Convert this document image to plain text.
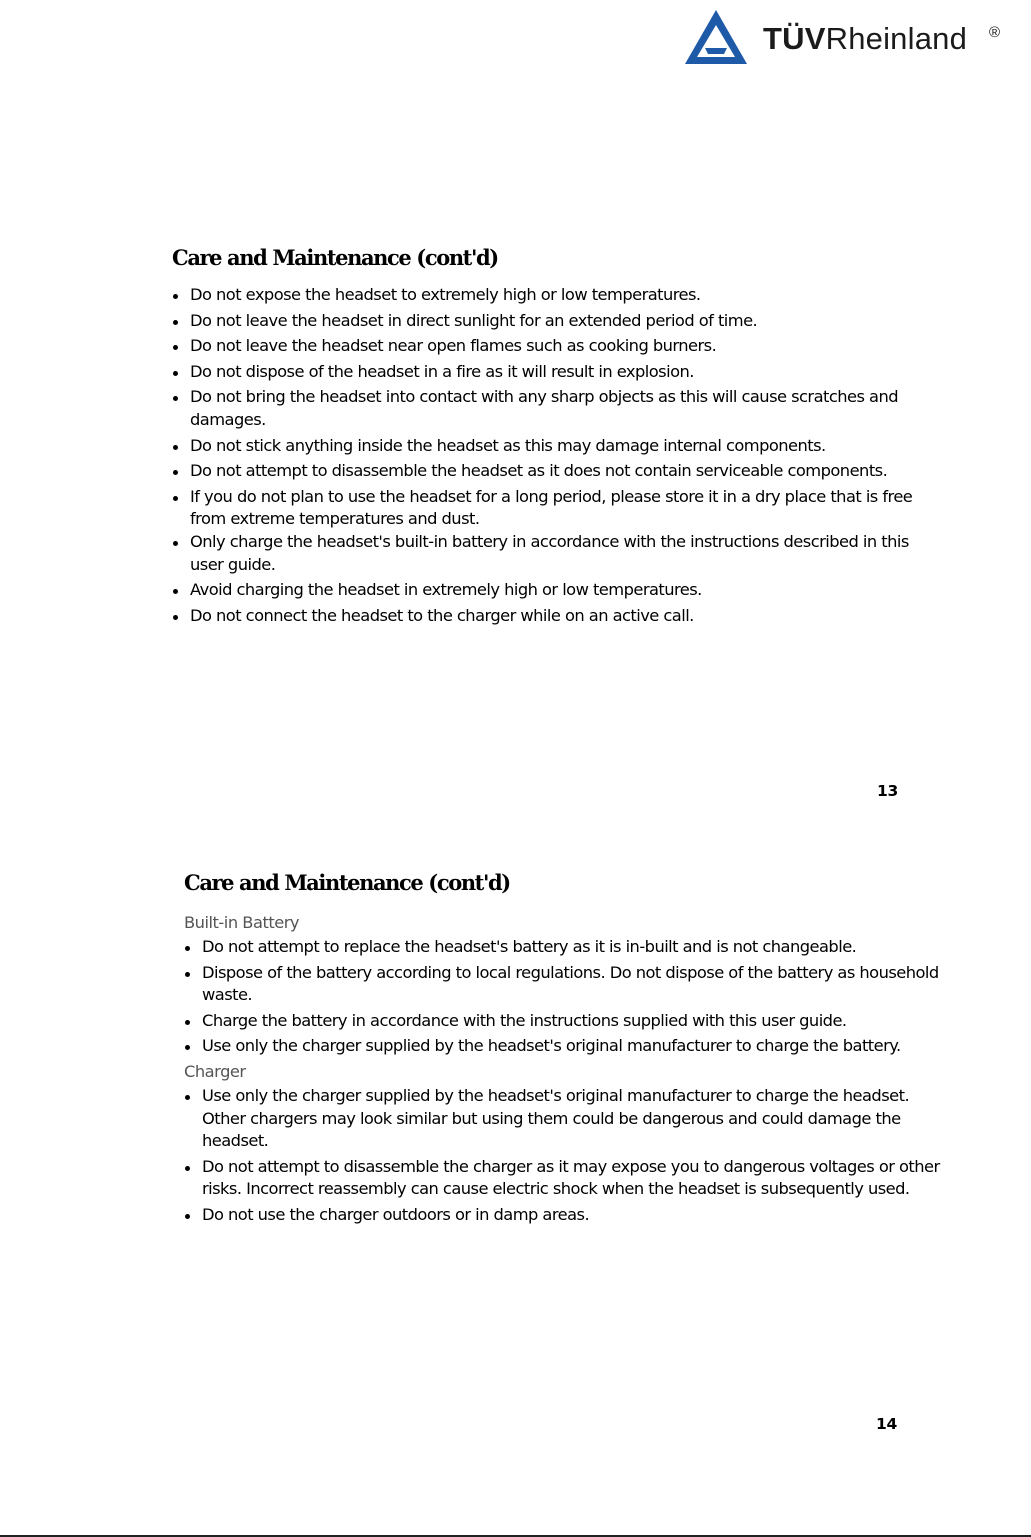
TÜVRheinland ®
Care and Maintenance (cont'd)
Do not expose the headset to extremely high or low temperatures.
Do not leave the headset in direct sunlight for an extended period of time.
Do not leave the headset near open flames such as cooking burners.
Do not dispose of the headset in a fire as it will result in explosion.
Do not bring the headset into contact with any sharp objects as this will cause scratches and damages.
Do not stick anything inside the headset as this may damage internal components.
Do not attempt to disassemble the headset as it does not contain serviceable components.
If you do not plan to use the headset for a long period, please store it in a dry place that is free from extreme temperatures and dust.
Only charge the headset's built-in battery in accordance with the instructions described in this user guide.
Avoid charging the headset in extremely high or low temperatures.
Do not connect the headset to the charger while on an active call.
13
Care and Maintenance (cont'd)
Built-in Battery
Do not attempt to replace the headset's battery as it is in-built and is not changeable.
Dispose of the battery according to local regulations. Do not dispose of the battery as household waste.
Charge the battery in accordance with the instructions supplied with this user guide.
Use only the charger supplied by the headset's original manufacturer to charge the battery.
Charger
Use only the charger supplied by the headset's original manufacturer to charge the headset. Other chargers may look similar but using them could be dangerous and could damage the headset.
Do not attempt to disassemble the charger as it may expose you to dangerous voltages or other risks. Incorrect reassembly can cause electric shock when the headset is subsequently used.
Do not use the charger outdoors or in damp areas.
14
